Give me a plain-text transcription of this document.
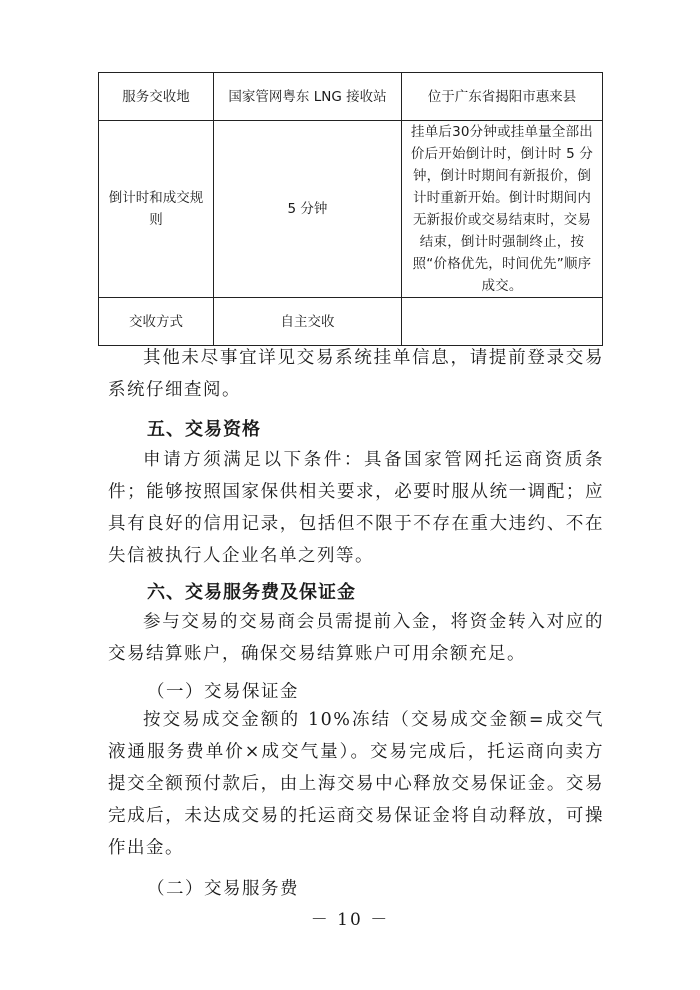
服务交收地	国家管网粤东 LNG 接收站	位于广东省揭阳市惠来县
倒计时和成交规则	5 分钟	挂单后30分钟或挂单量全部出价后开始倒计时，倒计时 5 分钟，倒计时期间有新报价，倒计时重新开始。倒计时期间内无新报价或交易结束时，交易结束，倒计时强制终止，按照“价格优先，时间优先”顺序成交。
交收方式	自主交收	
其他未尽事宜详见交易系统挂单信息，请提前登录交易系统仔细查阅。
五、交易资格
申请方须满足以下条件：具备国家管网托运商资质条件；能够按照国家保供相关要求，必要时服从统一调配；应具有良好的信用记录，包括但不限于不存在重大违约、不在失信被执行人企业名单之列等。
六、交易服务费及保证金
参与交易的交易商会员需提前入金，将资金转入对应的交易结算账户，确保交易结算账户可用余额充足。
（一）交易保证金
按交易成交金额的 10%冻结（交易成交金额=成交气液通服务费单价×成交气量）。交易完成后，托运商向卖方提交全额预付款后，由上海交易中心释放交易保证金。交易完成后，未达成交易的托运商交易保证金将自动释放，可操作出金。
（二）交易服务费
－ 10 －
